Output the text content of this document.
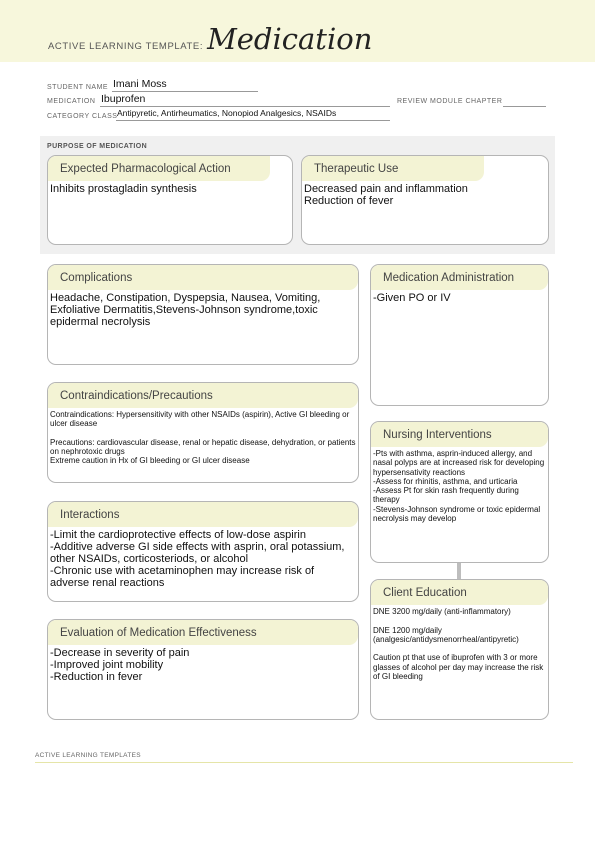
ACTIVE LEARNING TEMPLATE: Medication
STUDENT NAME Imani Moss
MEDICATION Ibuprofen	REVIEW MODULE CHAPTER
CATEGORY CLASS Antipyretic, Antirheumatics, Nonopiod Analgesics, NSAIDs
PURPOSE OF MEDICATION
Expected Pharmacological Action
Inhibits prostagladin synthesis
Therapeutic Use
Decreased pain and inflammation
Reduction of fever
Complications
Headache, Constipation, Dyspepsia, Nausea, Vomiting, Exfoliative Dermatitis,Stevens-Johnson syndrome,toxic epidermal necrolysis
Medication Administration
-Given PO or IV
Contraindications/Precautions
Contraindications: Hypersensitivity with other NSAIDs (aspirin), Active GI bleeding or ulcer disease

Precautions: cardiovascular disease, renal or hepatic disease, dehydration, or patients on nephrotoxic drugs
Extreme caution in Hx of GI bleeding or GI ulcer disease
Nursing Interventions
-Pts with asthma, asprin-induced allergy, and nasal polyps are at increased risk for developing hypersensativity reactions
-Assess for rhinitis, asthma, and urticaria
-Assess Pt for skin rash frequently during therapy
-Stevens-Johnson syndrome or toxic epidermal necrolysis may develop
Interactions
-Limit the cardioprotective effects of low-dose aspirin
-Additive adverse GI side effects with asprin, oral potassium, other NSAIDs, corticosteriods, or alcohol
-Chronic use with acetaminophen may increase risk of adverse renal reactions
Client Education
DNE 3200 mg/daily (anti-inflammatory)

DNE 1200 mg/daily (analgesic/antidysmenorrheal/antipyretic)

Caution pt that use of ibuprofen with 3 or more glasses of alcohol per day may increase the risk of GI bleeding
Evaluation of Medication Effectiveness
-Decrease in severity of pain
-Improved joint mobility
-Reduction in fever
ACTIVE LEARNING TEMPLATES
